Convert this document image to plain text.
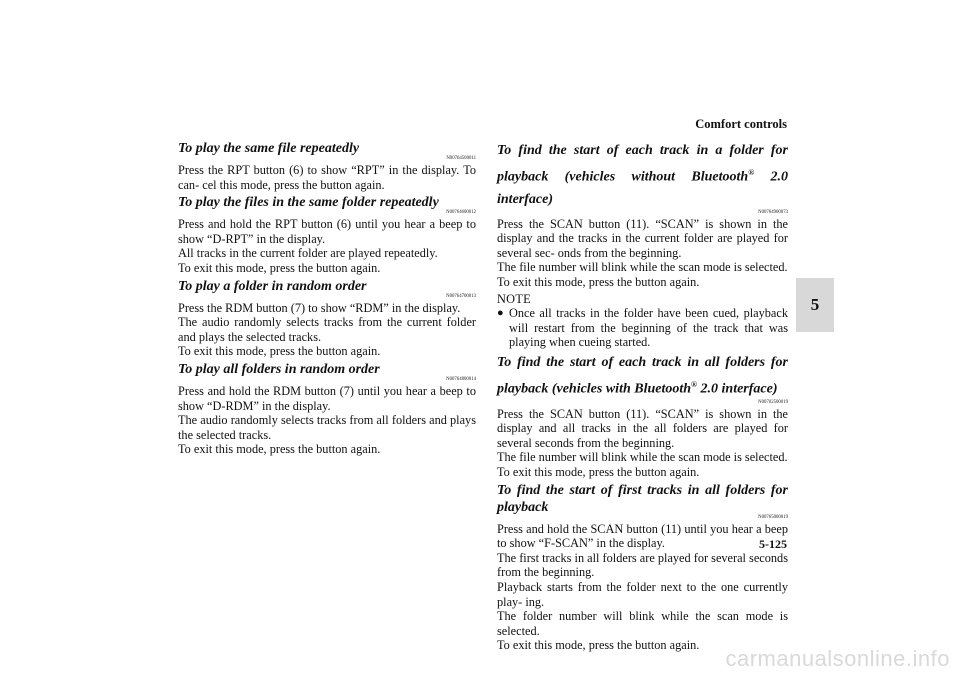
Comfort controls
To play the same file repeatedly
N00764500011
Press the RPT button (6) to show “RPT” in the display. To can- cel this mode, press the button again.
To play the files in the same folder repeatedly
N00764600012
Press and hold the RPT button (6) until you hear a beep to show “D-RPT” in the display.
All tracks in the current folder are played repeatedly.
To exit this mode, press the button again.
To play a folder in random order
N00764700013
Press the RDM button (7) to show “RDM” in the display.
The audio randomly selects tracks from the current folder and plays the selected tracks.
To exit this mode, press the button again.
To play all folders in random order
N00764800014
Press and hold the RDM button (7) until you hear a beep to show “D-RDM” in the display.
The audio randomly selects tracks from all folders and plays the selected tracks.
To exit this mode, press the button again.
To find the start of each track in a folder for playback (vehicles without Bluetooth® 2.0 interface)
N00764900073
Press the SCAN button (11). “SCAN” is shown in the display and the tracks in the current folder are played for several sec- onds from the beginning.
The file number will blink while the scan mode is selected.
To exit this mode, press the button again.
NOTE
● Once all tracks in the folder have been cued, playback will restart from the beginning of the track that was playing when cueing started.
To find the start of each track in all folders for playback (vehicles with Bluetooth® 2.0 interface)
N00702500019
Press the SCAN button (11). “SCAN” is shown in the display and all tracks in the all folders are played for several seconds from the beginning.
The file number will blink while the scan mode is selected.
To exit this mode, press the button again.
To find the start of first tracks in all folders for playback
N00765000019
Press and hold the SCAN button (11) until you hear a beep to show “F-SCAN” in the display.
The first tracks in all folders are played for several seconds from the beginning.
Playback starts from the folder next to the one currently play- ing.
The folder number will blink while the scan mode is selected.
To exit this mode, press the button again.
5
5-125
carmanualsonline.info
